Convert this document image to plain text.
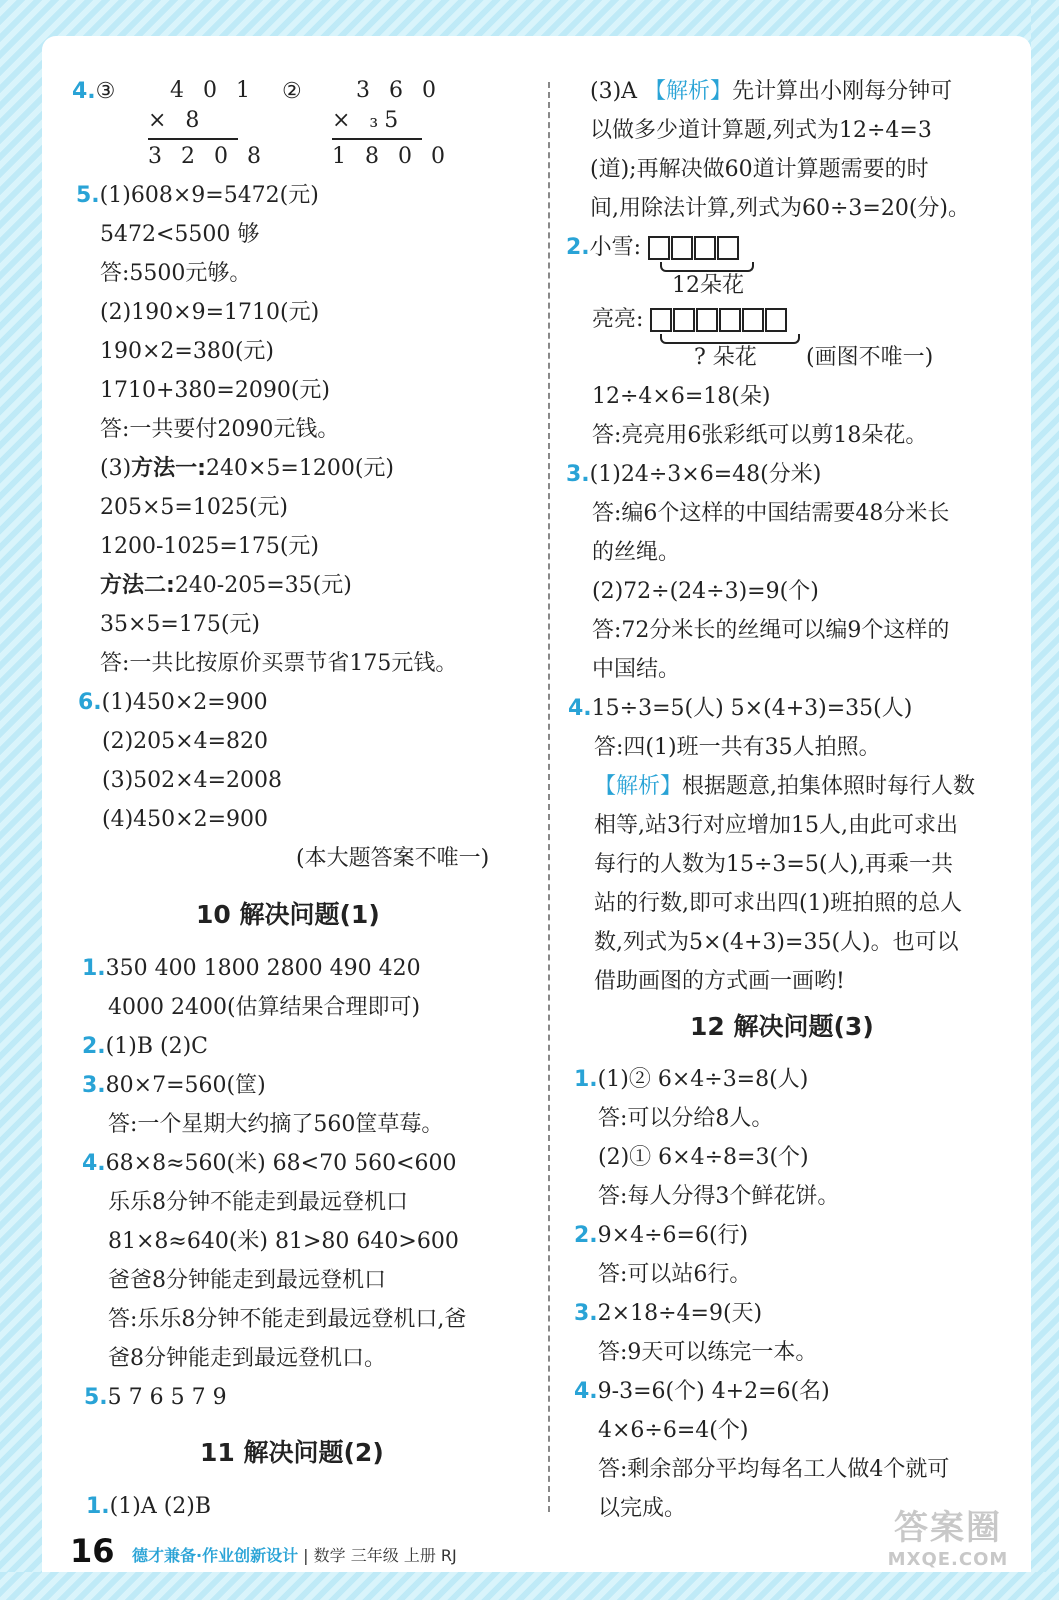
4.③	4 0 1
× 8
3 2 0 8
②	3 6 0
× ₃5
1 8 0 0
5.(1)608×9=5472(元)
5472<5500 够
答:5500元够。
(2)190×9=1710(元)
190×2=380(元)
1710+380=2090(元)
答:一共要付2090元钱。
(3)方法一:240×5=1200(元)
205×5=1025(元)
1200-1025=175(元)
方法二:240-205=35(元)
35×5=175(元)
答:一共比按原价买票节省175元钱。
6.(1)450×2=900
(2)205×4=820
(3)502×4=2008
(4)450×2=900
(本大题答案不唯一)
10 解决问题(1)
1.350 400 1800 2800 490 420
4000 2400(估算结果合理即可)
2.(1)B (2)C
3.80×7=560(筐)
答:一个星期大约摘了560筐草莓。
4.68×8≈560(米) 68<70 560<600
乐乐8分钟不能走到最远登机口
81×8≈640(米) 81>80 640>600
爸爸8分钟能走到最远登机口
答:乐乐8分钟不能走到最远登机口,爸
爸8分钟能走到最远登机口。
5.5 7 6 5 7 9
11 解决问题(2)
1.(1)A (2)B
(3)A 【解析】先计算出小刚每分钟可
以做多少道计算题,列式为12÷4=3
(道);再解决做60道计算题需要的时
间,用除法计算,列式为60÷3=20(分)。
2.小雪:
12朵花
亮亮:
? 朵花 (画图不唯一)
12÷4×6=18(朵)
答:亮亮用6张彩纸可以剪18朵花。
3.(1)24÷3×6=48(分米)
答:编6个这样的中国结需要48分米长
的丝绳。
(2)72÷(24÷3)=9(个)
答:72分米长的丝绳可以编9个这样的
中国结。
4.15÷3=5(人) 5×(4+3)=35(人)
答:四(1)班一共有35人拍照。
【解析】根据题意,拍集体照时每行人数
相等,站3行对应增加15人,由此可求出
每行的人数为15÷3=5(人),再乘一共
站的行数,即可求出四(1)班拍照的总人
数,列式为5×(4+3)=35(人)。也可以
借助画图的方式画一画哟!
12 解决问题(3)
1.(1)② 6×4÷3=8(人)
答:可以分给8人。
(2)① 6×4÷8=3(个)
答:每人分得3个鲜花饼。
2.9×4÷6=6(行)
答:可以站6行。
3.2×18÷4=9(天)
答:9天可以练完一本。
4.9-3=6(个) 4+2=6(名)
4×6÷6=4(个)
答:剩余部分平均每名工人做4个就可
以完成。
16 德才兼备·作业创新设计 | 数学 三年级 上册 RJ
答案圈
MXQE.COM
